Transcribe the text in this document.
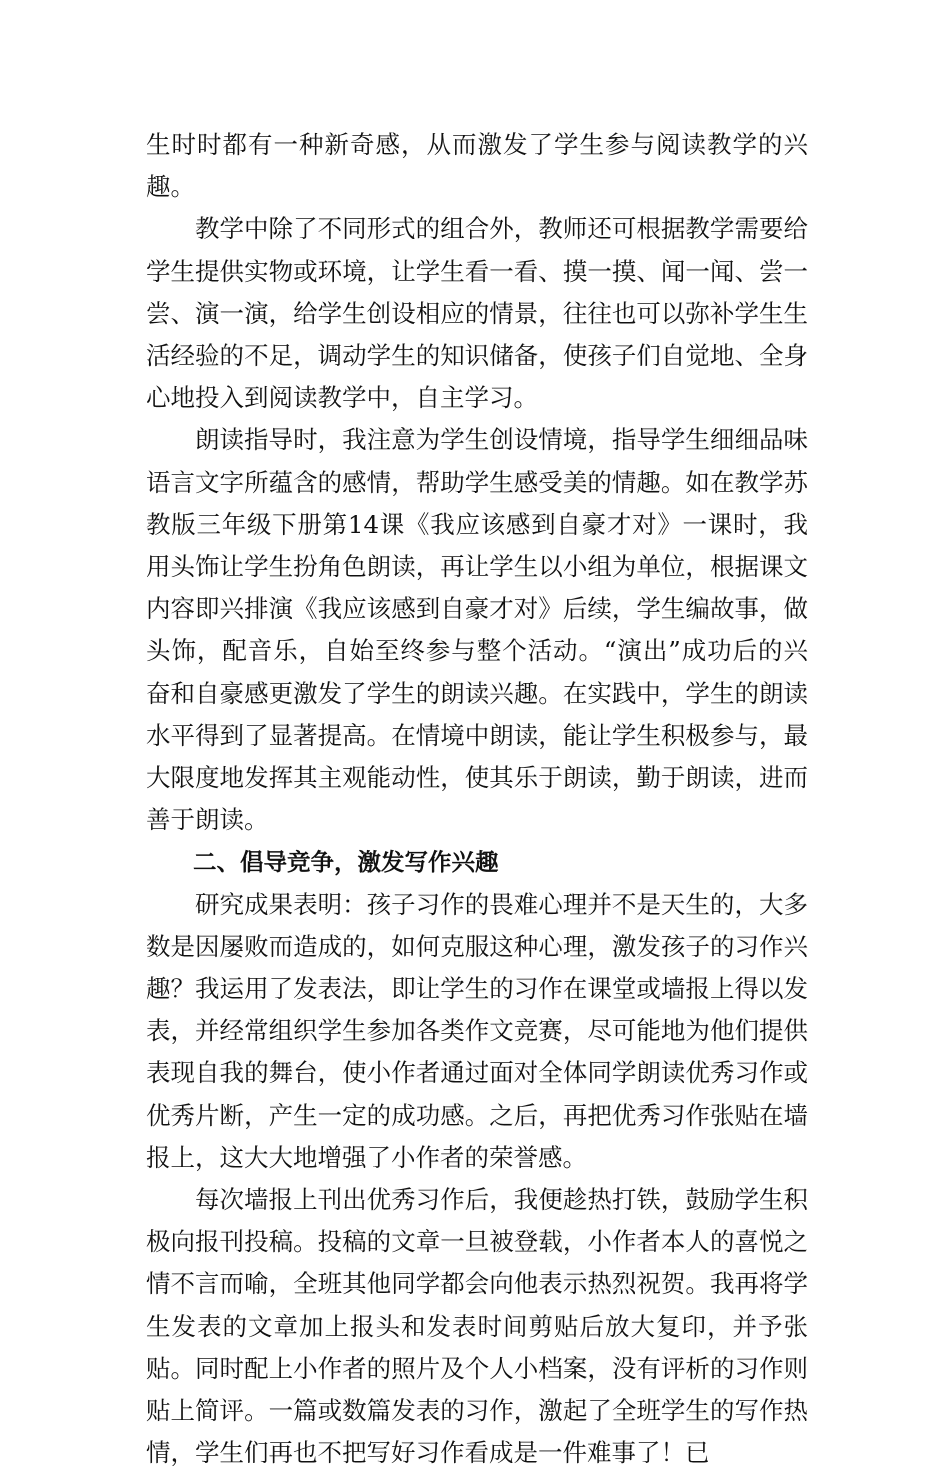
生时时都有一种新奇感，从而激发了学生参与阅读教学的兴趣。

教学中除了不同形式的组合外，教师还可根据教学需要给学生提供实物或环境，让学生看一看、摸一摸、闻一闻、尝一尝、演一演，给学生创设相应的情景，往往也可以弥补学生生活经验的不足，调动学生的知识储备，使孩子们自觉地、全身心地投入到阅读教学中，自主学习。

朗读指导时，我注意为学生创设情境，指导学生细细品味语言文字所蕴含的感情，帮助学生感受美的情趣。如在教学苏教版三年级下册第14课《我应该感到自豪才对》一课时，我用头饰让学生扮角色朗读，再让学生以小组为单位，根据课文内容即兴排演《我应该感到自豪才对》后续，学生编故事，做头饰，配音乐，自始至终参与整个活动。“演出”成功后的兴奋和自豪感更激发了学生的朗读兴趣。在实践中，学生的朗读水平得到了显著提高。在情境中朗读，能让学生积极参与，最大限度地发挥其主观能动性，使其乐于朗读，勤于朗读，进而善于朗读。

二、倡导竞争，激发写作兴趣

研究成果表明：孩子习作的畏难心理并不是天生的，大多数是因屡败而造成的，如何克服这种心理，激发孩子的习作兴趣？我运用了发表法，即让学生的习作在课堂或墙报上得以发表，并经常组织学生参加各类作文竞赛，尽可能地为他们提供表现自我的舞台，使小作者通过面对全体同学朗读优秀习作或优秀片断，产生一定的成功感。之后，再把优秀习作张贴在墙报上，这大大地增强了小作者的荣誉感。

每次墙报上刊出优秀习作后，我便趁热打铁，鼓励学生积极向报刊投稿。投稿的文章一旦被登载，小作者本人的喜悦之情不言而喻，全班其他同学都会向他表示热烈祝贺。我再将学生发表的文章加上报头和发表时间剪贴后放大复印，并予张贴。同时配上小作者的照片及个人小档案，没有评析的习作则贴上简评。一篇或数篇发表的习作，激起了全班学生的写作热情，学生们再也不把写好习作看成是一件难事了！已
